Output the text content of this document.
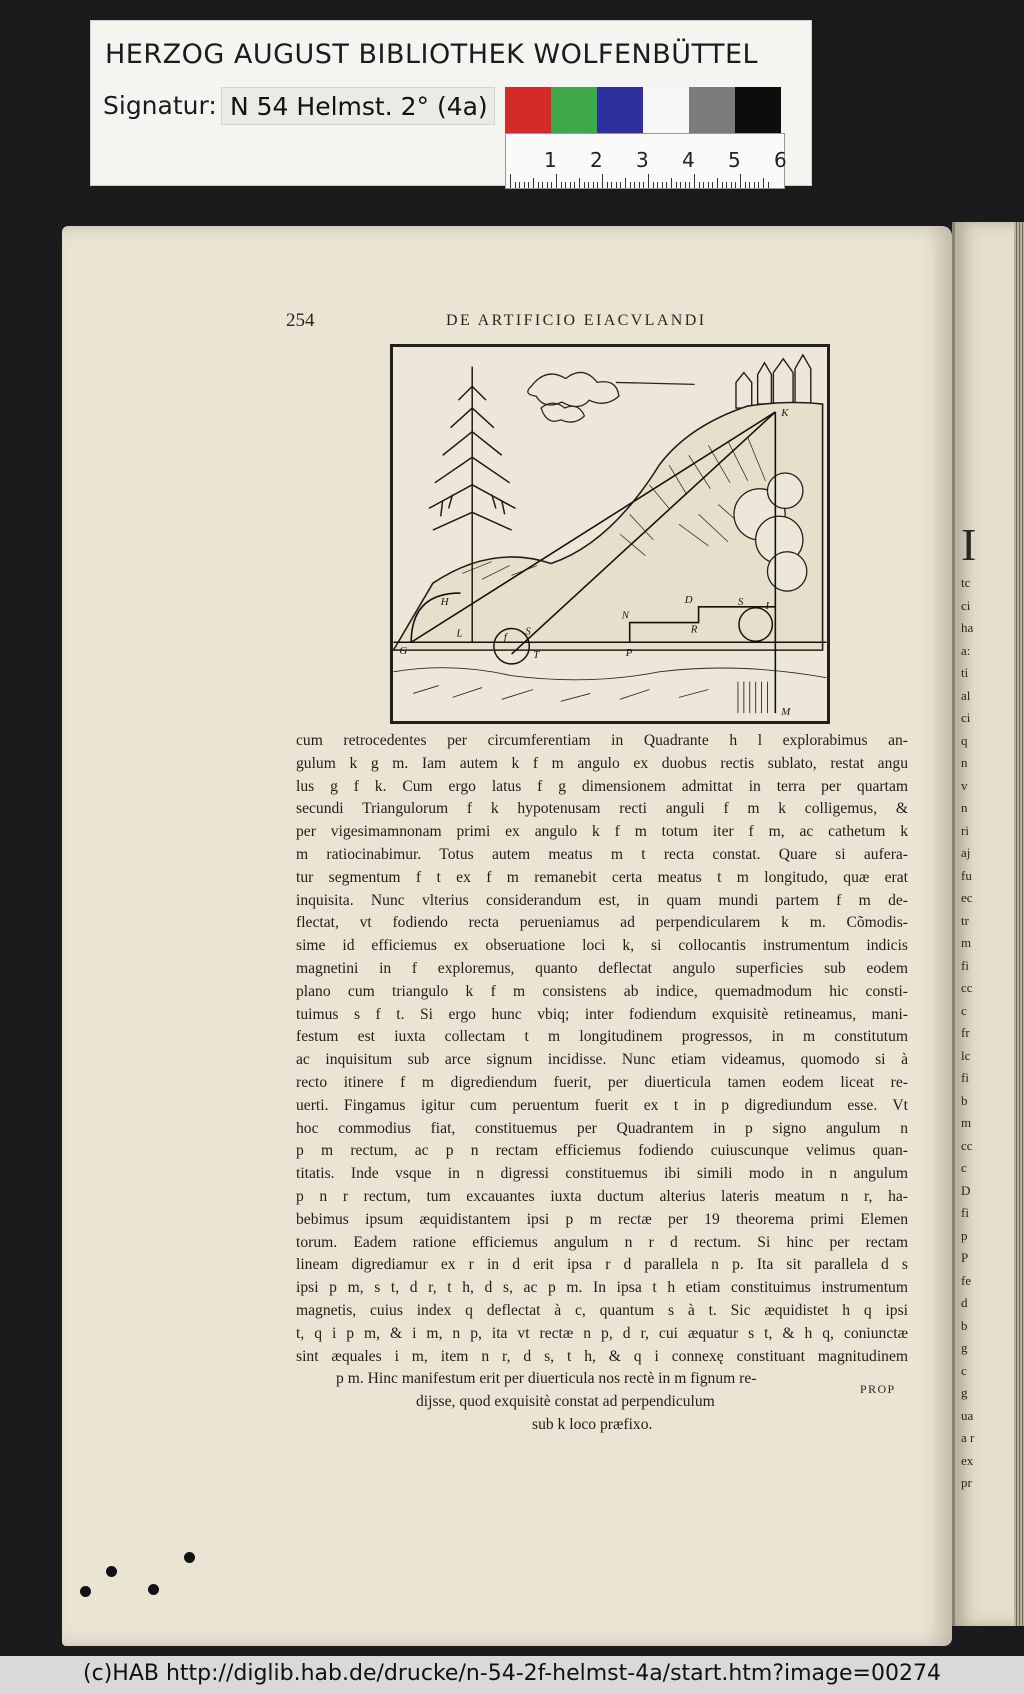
HERZOG AUGUST BIBLIOTHEK WOLFENBÜTTEL
Signatur: N 54 Helmst. 2° (4a)
1 2 3 4 5 6
254	DE ARTIFICIO EIACVLANDI
H
L
G
f S
T
N
D
R
P
S I
K
M
cum retrocedentes per circumferentiam in Quadrante h l explorabimus an-
gulum k g m. Iam autem k f m angulo ex duobus rectis sublato, restat angu
lus g f k. Cum ergo latus f g dimensionem admittat in terra per quartam
secundi Triangulorum f k hypotenusam recti anguli f m k colligemus, &
per vigesimamnonam primi ex angulo k f m totum iter f m, ac cathetum k
m ratiocinabimur. Totus autem meatus m t recta constat. Quare si aufera-
tur segmentum f t ex f m remanebit certa meatus t m longitudo, quæ erat
inquisita. Nunc vlterius considerandum est, in quam mundi partem f m de-
flectat, vt fodiendo recta perueniamus ad perpendicularem k m. Cõmodis-
sime id efficiemus ex obseruatione loci k, si collocantis instrumentum indicis
magnetini in f exploremus, quanto deflectat angulo superficies sub eodem
plano cum triangulo k f m consistens ab indice, quemadmodum hic consti-
tuimus s f t. Si ergo hunc vbiq; inter fodiendum exquisitè retineamus, mani-
festum est iuxta collectam t m longitudinem progressos, in m constitutum
ac inquisitum sub arce signum incidisse. Nunc etiam videamus, quomodo si à
recto itinere f m digrediendum fuerit, per diuerticula tamen eodem liceat re-
uerti. Fingamus igitur cum peruentum fuerit ex t in p digrediundum esse. Vt
hoc commodius fiat, constituemus per Quadrantem in p signo angulum n
p m rectum, ac p n rectam efficiemus fodiendo cuiuscunque velimus quan-
titatis. Inde vsque in n digressi constituemus ibi simili modo in n angulum
p n r rectum, tum excauantes iuxta ductum alterius lateris meatum n r, ha-
bebimus ipsum æquidistantem ipsi p m rectæ per 19 theorema primi Elemen
torum. Eadem ratione efficiemus angulum n r d rectum. Si hinc per rectam
lineam digrediamur ex r in d erit ipsa r d parallela n p. Ita sit parallela d s
ipsi p m, s t, d r, t h, d s, ac p m. In ipsa t h etiam constituimus instrumentum
magnetis, cuius index q deflectat à c, quantum s à t. Sic æquidistet h q ipsi
t, q i p m, & i m, n p, ita vt rectæ n p, d r, cui æquatur s t, & h q, coniunctæ
sint æquales i m, item n r, d s, t h, & q i connexę constituant magnitudinem
p m. Hinc manifestum erit per diuerticula nos rectè in m fignum re-
dijsse, quod exquisitè constat ad perpendiculum
sub k loco præfixo.
PROP
I
tc
ci
ha
a:
ti
al
ci
q
n
v
n
ri
aj
fu
ec
tr
m
fi
cc
c
fr
lc
fi
b
m
cc
c
D
fi
p
P
fe
d
b
g
c
g
ua
a r
ex
pr
(c)HAB http://diglib.hab.de/drucke/n-54-2f-helmst-4a/start.htm?image=00274
